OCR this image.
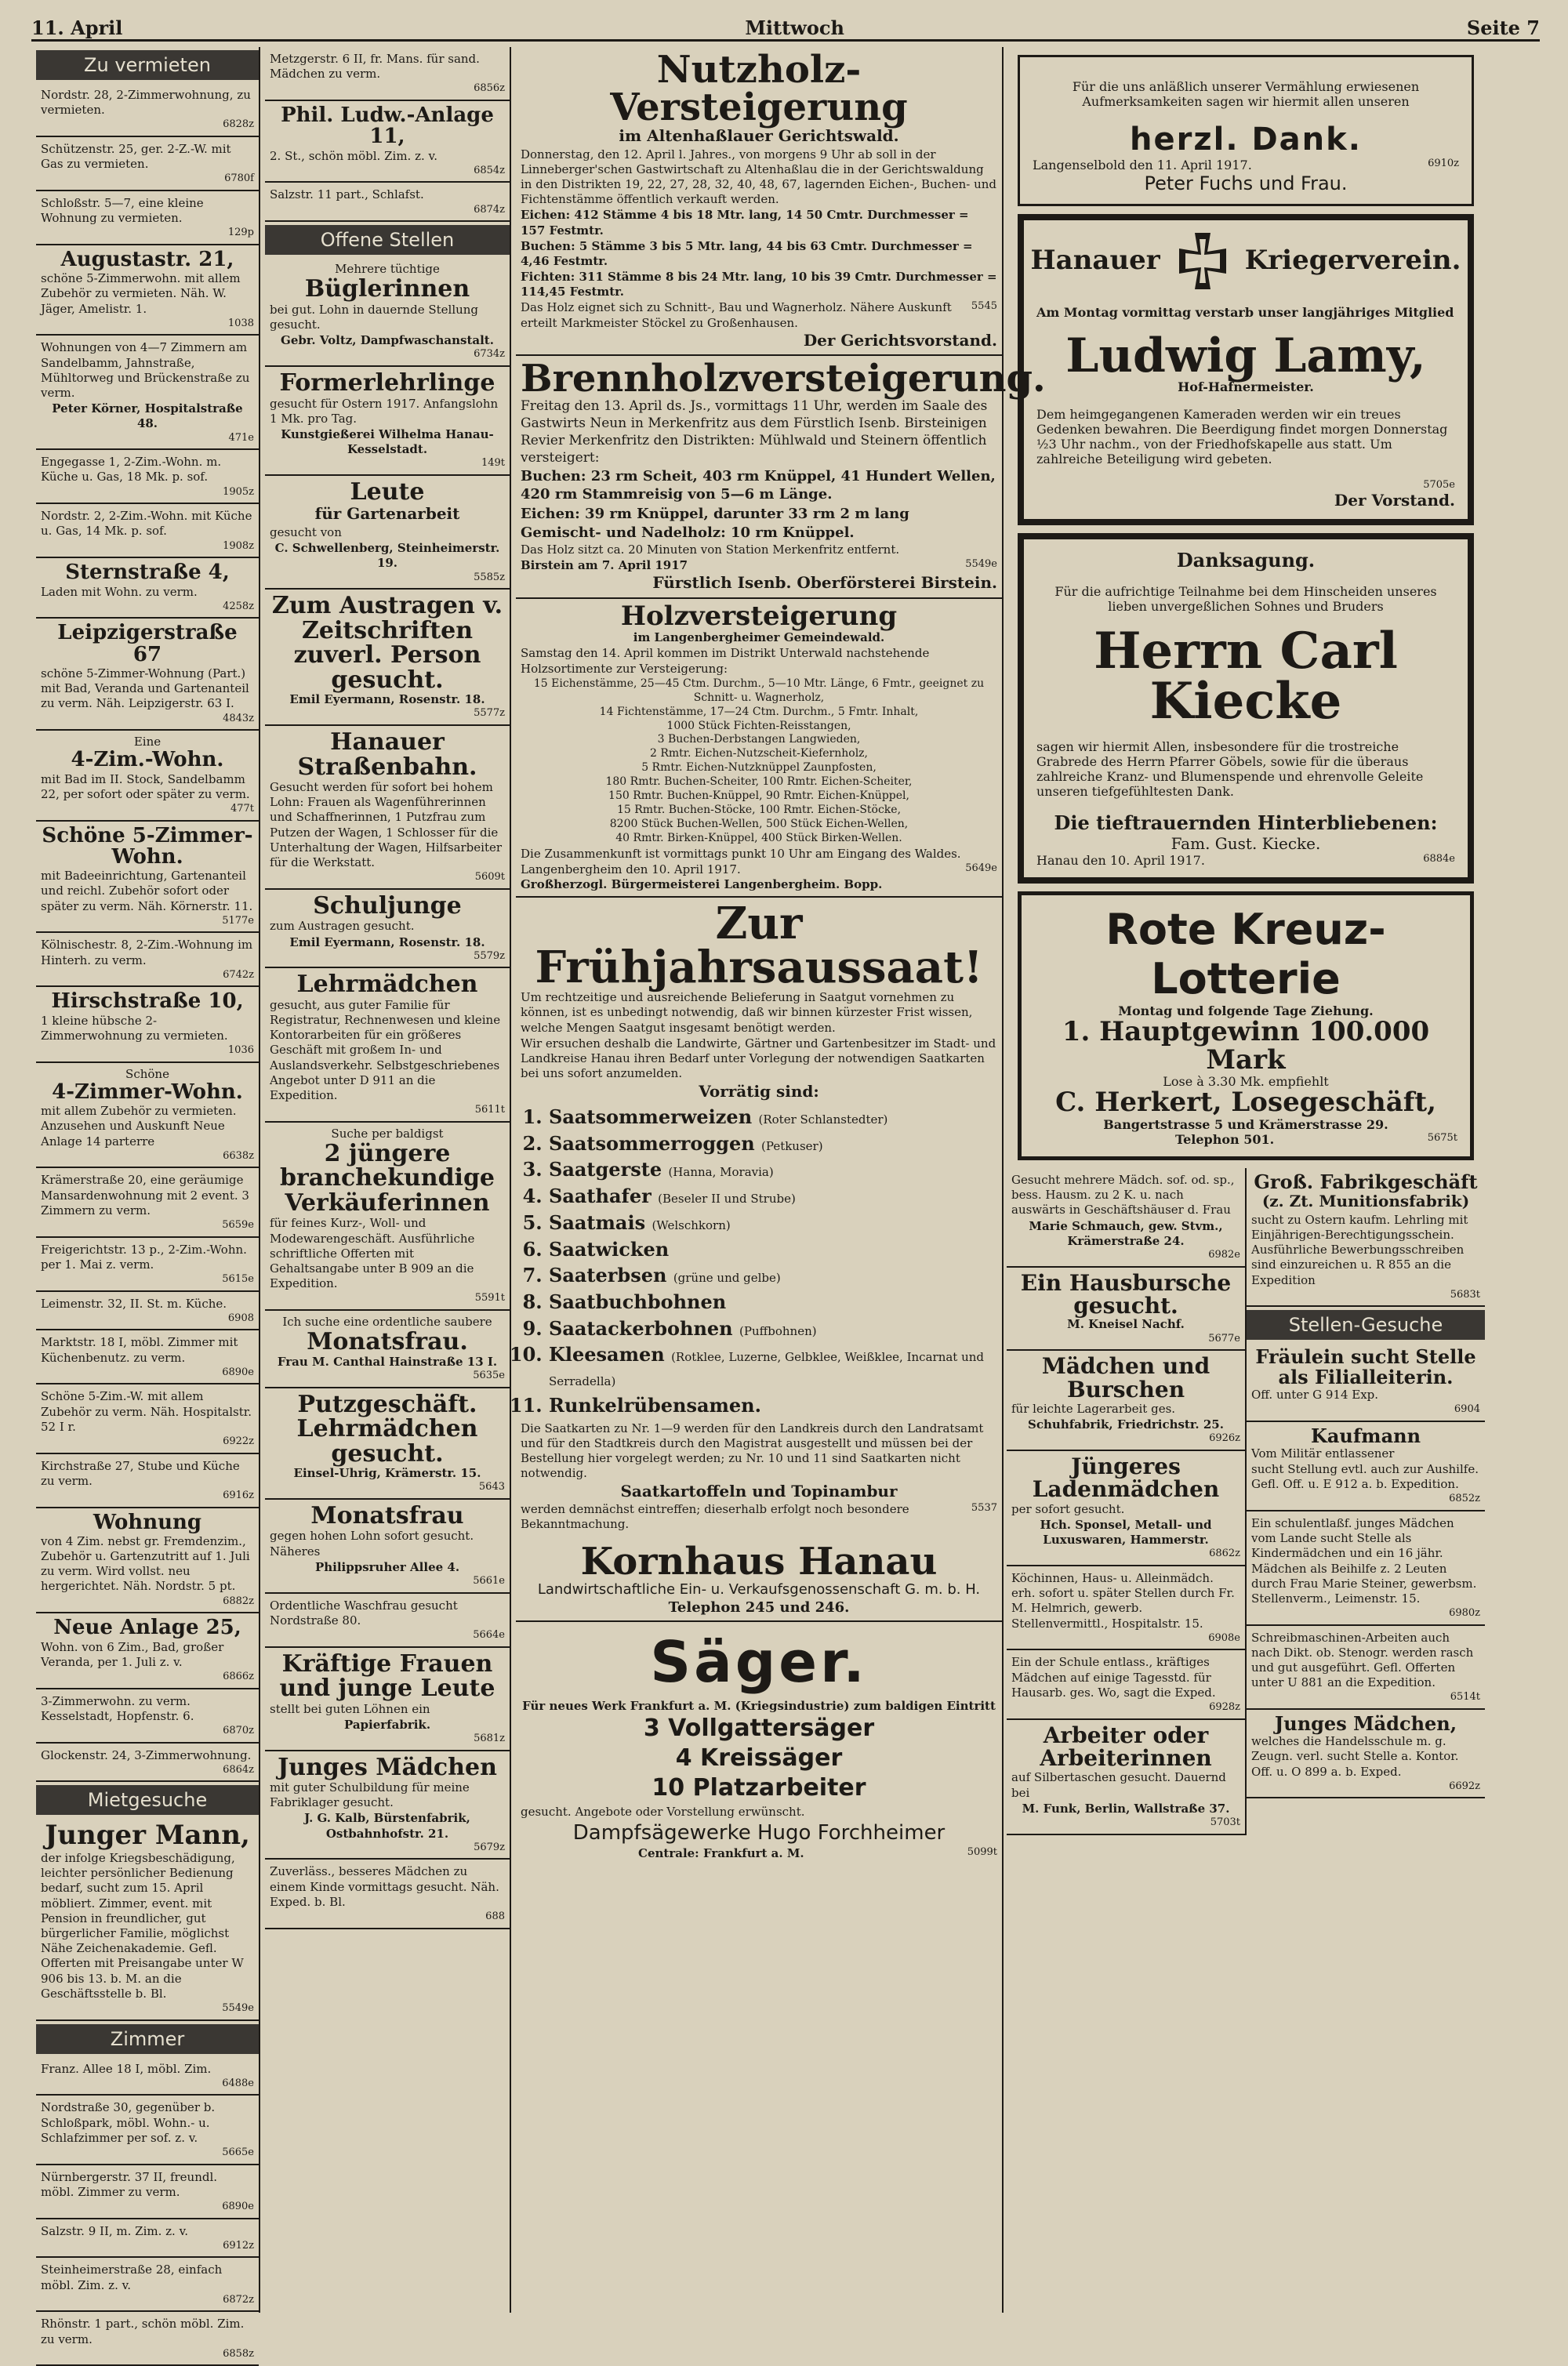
11. April	Mittwoch	Seite 7
Zu vermieten

Nordstr. 28, 2-Zimmerwohnung, zu vermieten.

6828z

Schützenstr. 25, ger. 2-Z.-W. mit Gas zu vermieten.

6780f

Schloßstr. 5—7, eine kleine Wohnung zu vermieten.

129p
Augustastr. 21,

schöne 5-Zimmerwohn. mit allem Zubehör zu vermieten. Näh. W. Jäger, Amelistr. 1.

1038

Wohnungen von 4—7 Zimmern am Sandelbamm, Jahnstraße, Mühltorweg und Brückenstraße zu verm.

Peter Körner, Hospitalstraße 48.
471e

Engegasse 1, 2-Zim.-Wohn. m. Küche u. Gas, 18 Mk. p. sof.

1905z

Nordstr. 2, 2-Zim.-Wohn. mit Küche u. Gas, 14 Mk. p. sof.

1908z
Sternstraße 4,

Laden mit Wohn. zu verm.

4258z
Leipzigerstraße 67

schöne 5-Zimmer-Wohnung (Part.) mit Bad, Veranda und Gartenanteil zu verm. Näh. Leipzigerstr. 63 I.

4843z
Eine
4-Zim.-Wohn.

mit Bad im II. Stock, Sandelbamm 22, per sofort oder später zu verm.

477t
Schöne 5-Zimmer-Wohn.

mit Badeeinrichtung, Gartenanteil und reichl. Zubehör sofort oder später zu verm. Näh. Körnerstr. 11.

5177e

Kölnischestr. 8, 2-Zim.-Wohnung im Hinterh. zu verm.

6742z
Hirschstraße 10,

1 kleine hübsche 2-Zimmerwohnung zu vermieten.

1036
Schöne
4-Zimmer-Wohn.

mit allem Zubehör zu vermieten. Anzusehen und Auskunft Neue Anlage 14 parterre

6638z

Krämerstraße 20, eine geräumige Mansardenwohnung mit 2 event. 3 Zimmern zu verm.

5659e

Freigerichtstr. 13 p., 2-Zim.-Wohn. per 1. Mai z. verm.

5615e

Leimenstr. 32, II. St. m. Küche.

6908

Marktstr. 18 I, möbl. Zimmer mit Küchenbenutz. zu verm.

6890e

Schöne 5-Zim.-W. mit allem Zubehör zu verm. Näh. Hospitalstr. 52 I r.

6922z

Kirchstraße 27, Stube und Küche zu verm.

6916z
Wohnung

von 4 Zim. nebst gr. Fremdenzim., Zubehör u. Gartenzutritt auf 1. Juli zu verm. Wird vollst. neu hergerichtet. Näh. Nordstr. 5 pt.

6882z
Neue Anlage 25,

Wohn. von 6 Zim., Bad, großer Veranda, per 1. Juli z. v.

6866z

3-Zimmerwohn. zu verm. Kesselstadt, Hopfenstr. 6.

6870z

Glockenstr. 24, 3-Zimmerwohnung.

6864z
Mietgesuche
Junger Mann,

der infolge Kriegsbeschädigung, leichter persönlicher Bedienung bedarf, sucht zum 15. April möbliert. Zimmer, event. mit Pension in freundlicher, gut bürgerlicher Familie, möglichst Nähe Zeichenakademie. Gefl. Offerten mit Preisangabe unter W 906 bis 13. b. M. an die Geschäftsstelle b. Bl.

5549e
Zimmer

Franz. Allee 18 I, möbl. Zim.

6488e

Nordstraße 30, gegenüber b. Schloßpark, möbl. Wohn.- u. Schlafzimmer per sof. z. v.

5665e

Nürnbergerstr. 37 II, freundl. möbl. Zimmer zu verm.

6890e

Salzstr. 9 II, m. Zim. z. v.

6912z

Steinheimerstraße 28, einfach möbl. Zim. z. v.

6872z

Rhönstr. 1 part., schön möbl. Zim. zu verm.

6858z

Metzgerstr. 6 II, fr. Mans. für sand. Mädchen zu verm.

6856z
Phil. Ludw.-Anlage 11,

2. St., schön möbl. Zim. z. v.

6854z

Salzstr. 11 part., Schlafst.

6874z
Offene Stellen
Mehrere tüchtige
Büglerinnen

bei gut. Lohn in dauernde Stellung gesucht.

Gebr. Voltz, Dampfwaschanstalt.
6734z
Formerlehrlinge

gesucht für Ostern 1917. Anfangslohn 1 Mk. pro Tag.

Kunstgießerei Wilhelma Hanau-Kesselstadt.
149t
Leute
für Gartenarbeit

gesucht von

C. Schwellenberg, Steinheimerstr. 19.
5585z
Zum Austragen v. Zeitschriften zuverl. Person gesucht.
Emil Eyermann, Rosenstr. 18.
5577z
Hanauer Straßenbahn.

Gesucht werden für sofort bei hohem Lohn: Frauen als Wagenführerinnen und Schaffnerinnen, 1 Putzfrau zum Putzen der Wagen, 1 Schlosser für die Unterhaltung der Wagen, Hilfsarbeiter für die Werkstatt.

5609t
Schuljunge

zum Austragen gesucht.

Emil Eyermann, Rosenstr. 18.
5579z
Lehrmädchen

gesucht, aus guter Familie für Registratur, Rechnenwesen und kleine Kontorarbeiten für ein größeres Geschäft mit großem In- und Auslandsverkehr. Selbstgeschriebenes Angebot unter D 911 an die Expedition.

5611t
Suche per baldigst
2 jüngere branchekundige Verkäuferinnen

für feines Kurz-, Woll- und Modewarengeschäft. Ausführliche schriftliche Offerten mit Gehaltsangabe unter B 909 an die Expedition.

5591t
Ich suche eine ordentliche saubere
Monatsfrau.
Frau M. Canthal Hainstraße 13 I.
5635e
Putzgeschäft. Lehrmädchen gesucht.
Einsel-Uhrig, Krämerstr. 15.
5643
Monatsfrau

gegen hohen Lohn sofort gesucht. Näheres

Philippsruher Allee 4.
5661e

Ordentliche Waschfrau gesucht Nordstraße 80.

5664e
Kräftige Frauen und junge Leute

stellt bei guten Löhnen ein

Papierfabrik.
5681z
Junges Mädchen

mit guter Schulbildung für meine Fabriklager gesucht.

J. G. Kalb, Bürstenfabrik, Ostbahnhofstr. 21.
5679z

Zuverläss., besseres Mädchen zu einem Kinde vormittags gesucht. Näh. Exped. b. Bl.

688
Nutzholz-Versteigerung
im Altenhaßlauer Gerichtswald.

Donnerstag, den 12. April l. Jahres., von morgens 9 Uhr ab soll in der Linneberger'schen Gastwirtschaft zu Altenhaßlau die in der Gerichtswaldung in den Distrikten 19, 22, 27, 28, 32, 40, 48, 67, lagernden Eichen-, Buchen- und Fichtenstämme öffentlich verkauft werden.

Eichen: 412 Stämme 4 bis 18 Mtr. lang, 14 50 Cmtr. Durchmesser = 157 Festmtr.

Buchen: 5 Stämme 3 bis 5 Mtr. lang, 44 bis 63 Cmtr. Durchmesser = 4,46 Festmtr.

Fichten: 311 Stämme 8 bis 24 Mtr. lang, 10 bis 39 Cmtr. Durchmesser = 114,45 Festmtr.

Das Holz eignet sich zu Schnitt-, Bau und Wagnerholz. Nähere Auskunft erteilt Markmeister Stöckel zu Großenhausen.
5545
Der Gerichtsvorstand.
Brennholzversteigerung.

Freitag den 13. April ds. Js., vormittags 11 Uhr, werden im Saale des Gastwirts Neun in Merkenfritz aus dem Fürstlich Isenb. Birsteinigen Revier Merkenfritz den Distrikten: Mühlwald und Steinern öffentlich versteigert:

Buchen: 23 rm Scheit, 403 rm Knüppel, 41 Hundert Wellen, 420 rm Stammreisig von 5—6 m Länge.

Eichen: 39 rm Knüppel, darunter 33 rm 2 m lang

Gemischt- und Nadelholz: 10 rm Knüppel.

Das Holz sitzt ca. 20 Minuten von Station Merkenfritz entfernt.

Birstein am 7. April 1917	5549e
Fürstlich Isenb. Oberförsterei Birstein.
Holzversteigerung
im Langenbergheimer Gemeindewald.

Samstag den 14. April kommen im Distrikt Unterwald nachstehende Holzsortimente zur Versteigerung:

15 Eichenstämme, 25—45 Ctm. Durchm., 5—10 Mtr. Länge, 6 Fmtr., geeignet zu Schnitt- u. Wagnerholz,
14 Fichtenstämme, 17—24 Ctm. Durchm., 5 Fmtr. Inhalt,
1000 Stück Fichten-Reisstangen,
3 Buchen-Derbstangen Langwieden,
2 Rmtr. Eichen-Nutzscheit-Kiefernholz,
5 Rmtr. Eichen-Nutzknüppel Zaunpfosten,
180 Rmtr. Buchen-Scheiter, 100 Rmtr. Eichen-Scheiter,
150 Rmtr. Buchen-Knüppel, 90 Rmtr. Eichen-Knüppel,
15 Rmtr. Buchen-Stöcke, 100 Rmtr. Eichen-Stöcke,
8200 Stück Buchen-Wellen, 500 Stück Eichen-Wellen,
40 Rmtr. Birken-Knüppel, 400 Stück Birken-Wellen.

Die Zusammenkunft ist vormittags punkt 10 Uhr am Eingang des Waldes.

Langenbergheim den 10. April 1917.	5649e
Großherzogl. Bürgermeisterei Langenbergheim. Bopp.
Zur Frühjahrsaussaat!

Um rechtzeitige und ausreichende Belieferung in Saatgut vornehmen zu können, ist es unbedingt notwendig, daß wir binnen kürzester Frist wissen, welche Mengen Saatgut insgesamt benötigt werden.

Wir ersuchen deshalb die Landwirte, Gärtner und Gartenbesitzer im Stadt- und Landkreise Hanau ihren Bedarf unter Vorlegung der notwendigen Saatkarten bei uns sofort anzumelden.

Vorrätig sind:
1. Saatsommerweizen (Roter Schlanstedter)
2. Saatsommerroggen (Petkuser)
3. Saatgerste (Hanna, Moravia)
4. Saathafer (Beseler II und Strube)
5. Saatmais (Welschkorn)
6. Saatwicken
7. Saaterbsen (grüne und gelbe)
8. Saatbuchbohnen
9. Saatackerbohnen (Puffbohnen)
10. Kleesamen (Rotklee, Luzerne, Gelbklee, Weißklee, Incarnat und Serradella)
11. Runkelrübensamen.

Die Saatkarten zu Nr. 1—9 werden für den Landkreis durch den Landratsamt und für den Stadtkreis durch den Magistrat ausgestellt und müssen bei der Bestellung hier vorgelegt werden; zu Nr. 10 und 11 sind Saatkarten nicht notwendig.

Saatkartoffeln und Topinambur
werden demnächst eintreffen; dieserhalb erfolgt noch besondere Bekanntmachung.
5537
Kornhaus Hanau
Landwirtschaftliche Ein- u. Verkaufsgenossenschaft G. m. b. H.
Telephon 245 und 246.
Säger.
Für neues Werk Frankfurt a. M. (Kriegsindustrie) zum baldigen Eintritt
3 Vollgattersäger
4 Kreissäger
10 Platzarbeiter

gesucht. Angebote oder Vorstellung erwünscht.

Dampfsägewerke Hugo Forchheimer
Centrale: Frankfurt a. M.	5099t

Für die uns anläßlich unserer Vermählung erwiesenen Aufmerksamkeiten sagen wir hiermit allen unseren

herzl. Dank.
Langenselbold den 11. April 1917.	6910z
Peter Fuchs und Frau.
Hanauer	Kriegerverein.

Am Montag vormittag verstarb unser langjähriges Mitglied

Ludwig Lamy,
Hof-Hafnermeister.

Dem heimgegangenen Kameraden werden wir ein treues Gedenken bewahren. Die Beerdigung findet morgen Donnerstag ½3 Uhr nachm., von der Friedhofskapelle aus statt. Um zahlreiche Beteiligung wird gebeten.

5705e
Der Vorstand.
Danksagung.

Für die aufrichtige Teilnahme bei dem Hinscheiden unseres lieben unvergeßlichen Sohnes und Bruders

Herrn Carl Kiecke

sagen wir hiermit Allen, insbesondere für die trostreiche Grabrede des Herrn Pfarrer Göbels, sowie für die überaus zahlreiche Kranz- und Blumenspende und ehrenvolle Geleite unseren tiefgefühltesten Dank.

Die tieftrauernden Hinterbliebenen:
Fam. Gust. Kiecke.
Hanau den 10. April 1917.	6884e
Rote Kreuz-Lotterie
Montag und folgende Tage Ziehung.
1. Hauptgewinn 100.000 Mark
Lose à 3.30 Mk. empfiehlt
C. Herkert, Losegeschäft,
Bangertstrasse 5 und Krämerstrasse 29.
Telephon 501.	5675t

Gesucht mehrere Mädch. sof. od. sp., bess. Hausm. zu 2 K. u. nach auswärts in Geschäftshäuser d. Frau

Marie Schmauch, gew. Stvm., Krämerstraße 24.
6982e
Ein Hausbursche gesucht.
M. Kneisel Nachf.
5677e
Mädchen und Burschen

für leichte Lagerarbeit ges.

Schuhfabrik, Friedrichstr. 25.
6926z
Jüngeres Ladenmädchen

per sofort gesucht.

Hch. Sponsel, Metall- und Luxuswaren, Hammerstr.
6862z

Köchinnen, Haus- u. Alleinmädch. erh. sofort u. später Stellen durch Fr. M. Helmrich, gewerb. Stellenvermittl., Hospitalstr. 15.

6908e

Ein der Schule entlass., kräftiges Mädchen auf einige Tagesstd. für Hausarb. ges. Wo, sagt die Exped.

6928z
Arbeiter oder Arbeiterinnen

auf Silbertaschen gesucht. Dauernd bei

M. Funk, Berlin, Wallstraße 37.
5703t
Groß. Fabrikgeschäft
(z. Zt. Munitionsfabrik)

sucht zu Ostern kaufm. Lehrling mit Einjährigen-Berechtigungsschein. Ausführliche Bewerbungsschreiben sind einzureichen u. R 855 an die Expedition

5683t
Stellen-Gesuche
Fräulein sucht Stelle als Filialleiterin.

Off. unter G 914 Exp.

6904
Kaufmann

Vom Militär entlassener

sucht Stellung evtl. auch zur Aushilfe. Gefl. Off. u. E 912 a. b. Expedition.

6852z

Ein schulentlaßf. junges Mädchen vom Lande sucht Stelle als Kindermädchen und ein 16 jähr. Mädchen als Beihilfe z. 2 Leuten durch Frau Marie Steiner, gewerbsm. Stellenverm., Leimenstr. 15.

6980z

Schreibmaschinen-Arbeiten auch nach Dikt. ob. Stenogr. werden rasch und gut ausgeführt. Gefl. Offerten unter U 881 an die Expedition.

6514t
Junges Mädchen,

welches die Handelsschule m. g. Zeugn. verl. sucht Stelle a. Kontor. Off. u. O 899 a. b. Exped.

6692z
